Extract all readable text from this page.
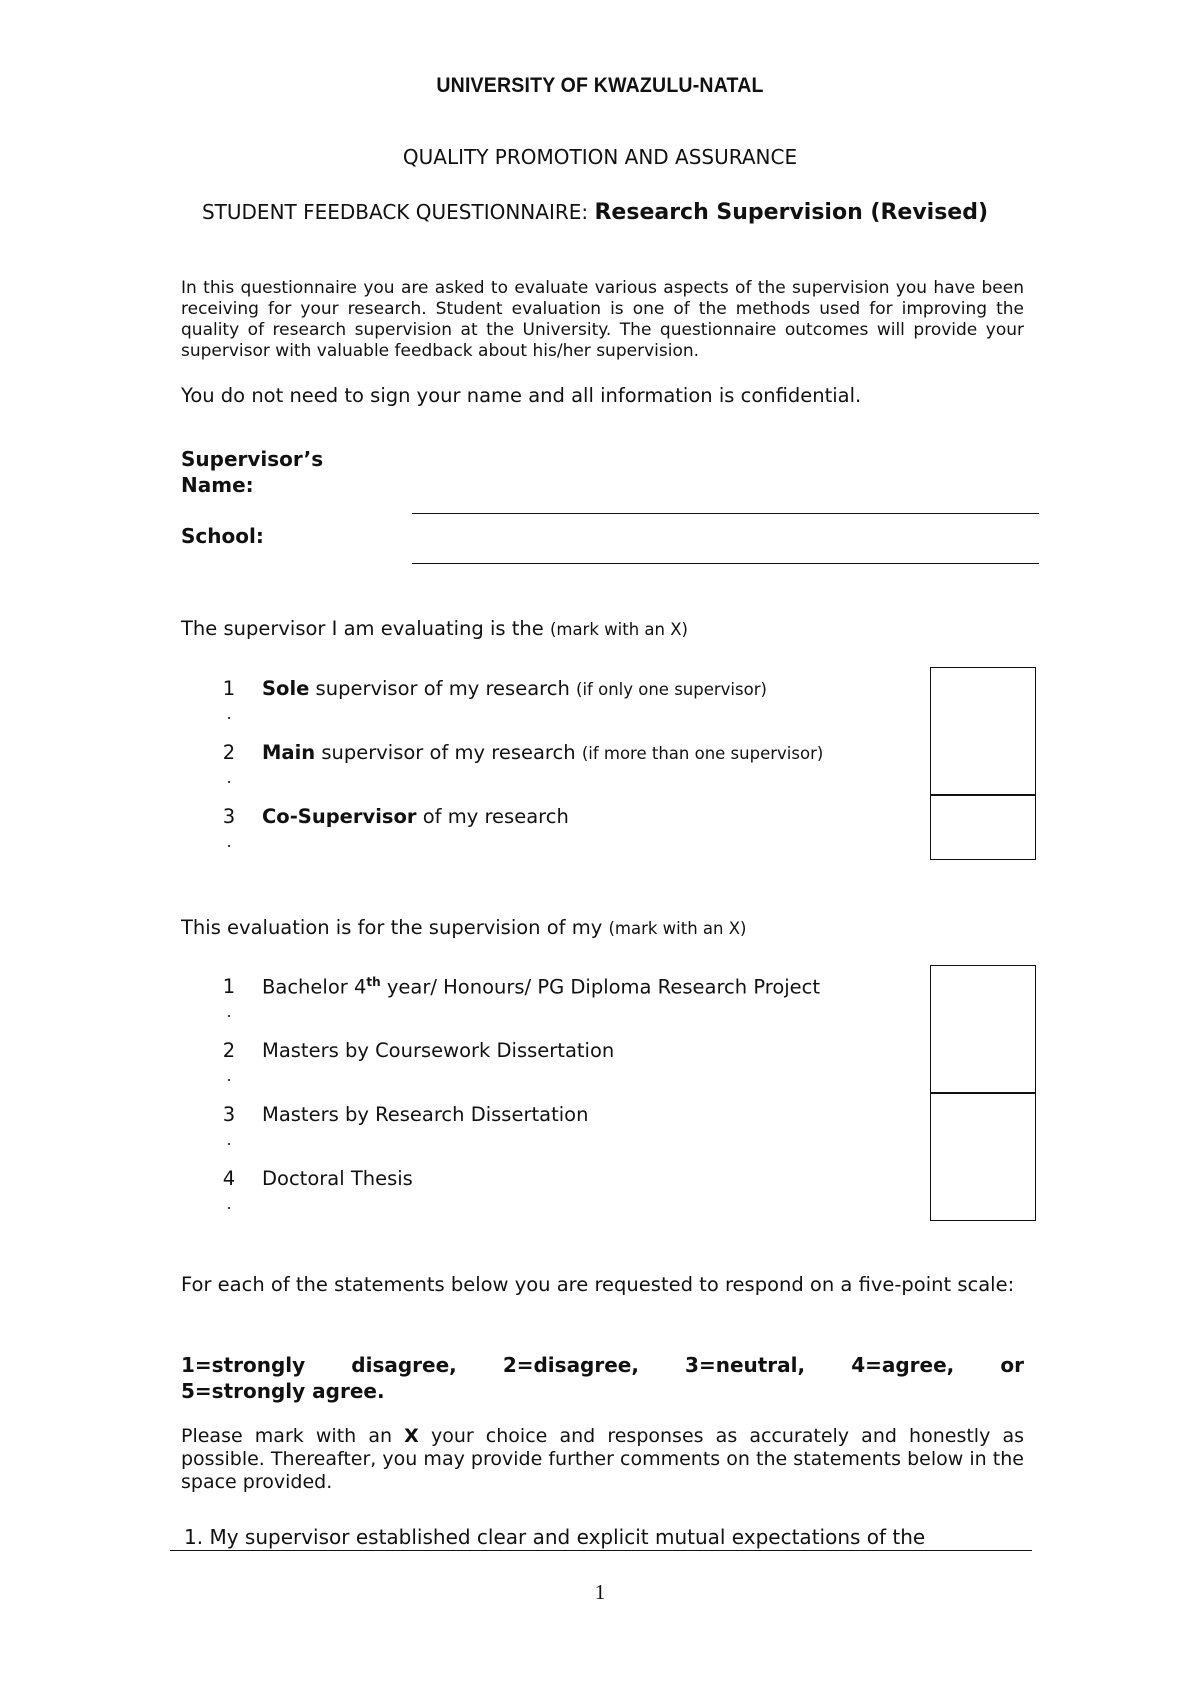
UNIVERSITY OF KWAZULU-NATAL
QUALITY PROMOTION AND ASSURANCE
STUDENT FEEDBACK QUESTIONNAIRE: Research Supervision (Revised)
In this questionnaire you are asked to evaluate various aspects of the supervision you have been receiving for your research. Student evaluation is one of the methods used for improving the quality of research supervision at the University. The questionnaire outcomes will provide your supervisor with valuable feedback about his/her supervision.
You do not need to sign your name and all information is confidential.
Supervisor’s Name:
School:
The supervisor I am evaluating is the (mark with an X)
1
.
Sole supervisor of my research (if only one supervisor)
2
.
Main supervisor of my research (if more than one supervisor)
3
.
Co-Supervisor of my research
This evaluation is for the supervision of my (mark with an X)
1
.
Bachelor 4th year/ Honours/ PG Diploma Research Project
2
.
Masters by Coursework Dissertation
3
.
Masters by Research Dissertation
4
.
Doctoral Thesis
For each of the statements below you are requested to respond on a five-point scale:
1=strongly disagree, 2=disagree, 3=neutral, 4=agree, or
5=strongly agree.
Please mark with an X your choice and responses as accurately and honestly as possible. Thereafter, you may provide further comments on the statements below in the space provided.
1. My supervisor established clear and explicit mutual expectations of the
1
